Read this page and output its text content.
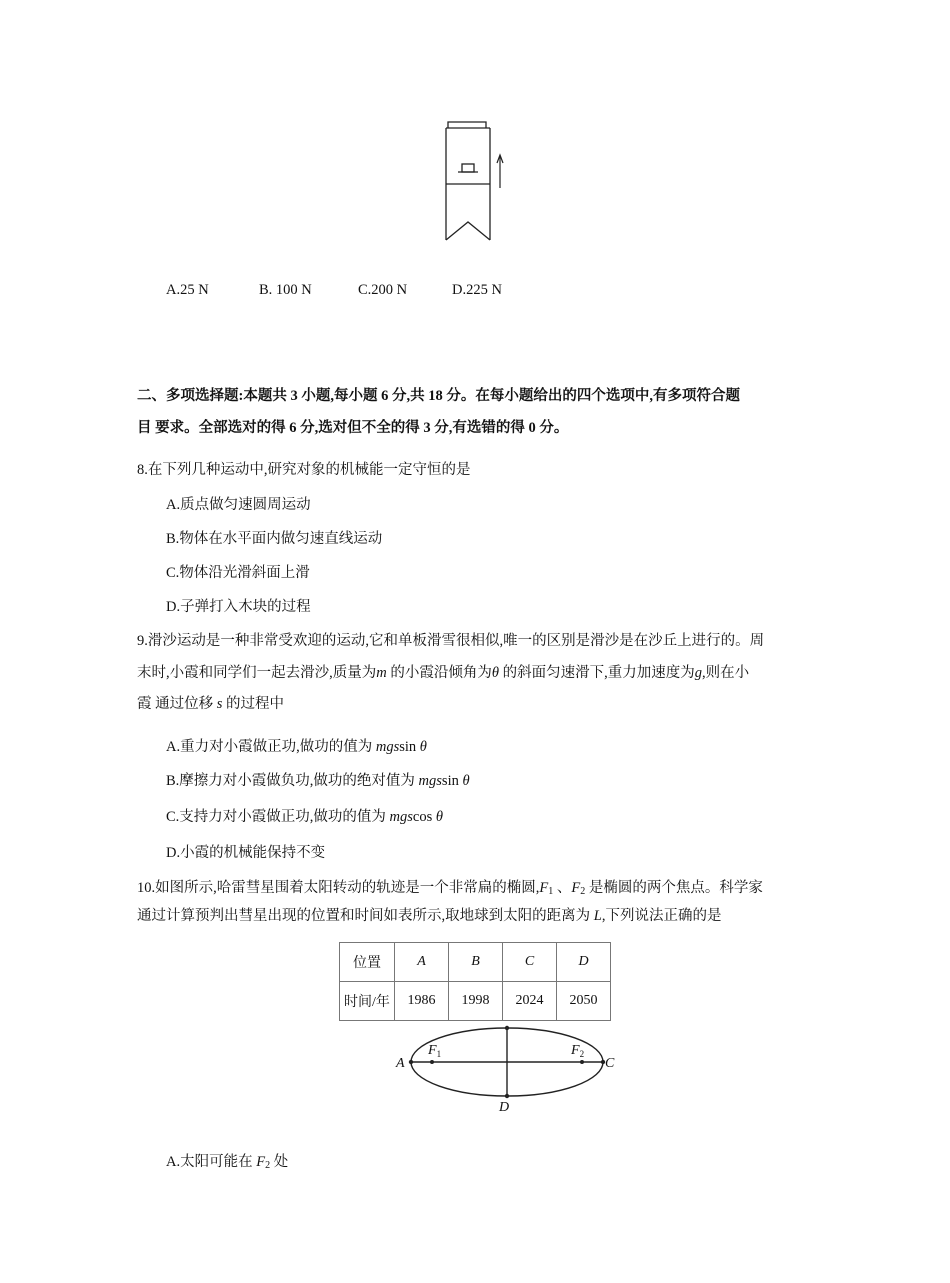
A.25 N	B. 100 N	C.200 N	D.225 N
二、多项选择题:本题共 3 小题,每小题 6 分,共 18 分。在每小题给出的四个选项中,有多项符合题
目 要求。全部选对的得 6 分,选对但不全的得 3 分,有选错的得 0 分。
8.在下列几种运动中,研究对象的机械能一定守恒的是
A.质点做匀速圆周运动
B.物体在水平面内做匀速直线运动
C.物体沿光滑斜面上滑
D.子弹打入木块的过程
9.滑沙运动是一种非常受欢迎的运动,它和单板滑雪很相似,唯一的区别是滑沙是在沙丘上进行的。周
末时,小霞和同学们一起去滑沙,质量为m 的小霞沿倾角为θ 的斜面匀速滑下,重力加速度为g,则在小
霞 通过位移 s 的过程中
A.重力对小霞做正功,做功的值为 mgssin θ
B.摩擦力对小霞做负功,做功的绝对值为 mgssin θ
C.支持力对小霞做正功,做功的值为 mgscos θ
D.小霞的机械能保持不变
10.如图所示,哈雷彗星围着太阳转动的轨迹是一个非常扁的椭圆$,F_1$ 、$F_2$ 是椭圆的两个焦点。科学家
通过计算预判出彗星出现的位置和时间如表所示,取地球到太阳的距离为 L,下列说法正确的是
位置	A	B	C	D
时间/年	1986	1998	2024	2050
A	C
D
$F_1$	$F_2$
A.太阳可能在 $F_2$ 处
